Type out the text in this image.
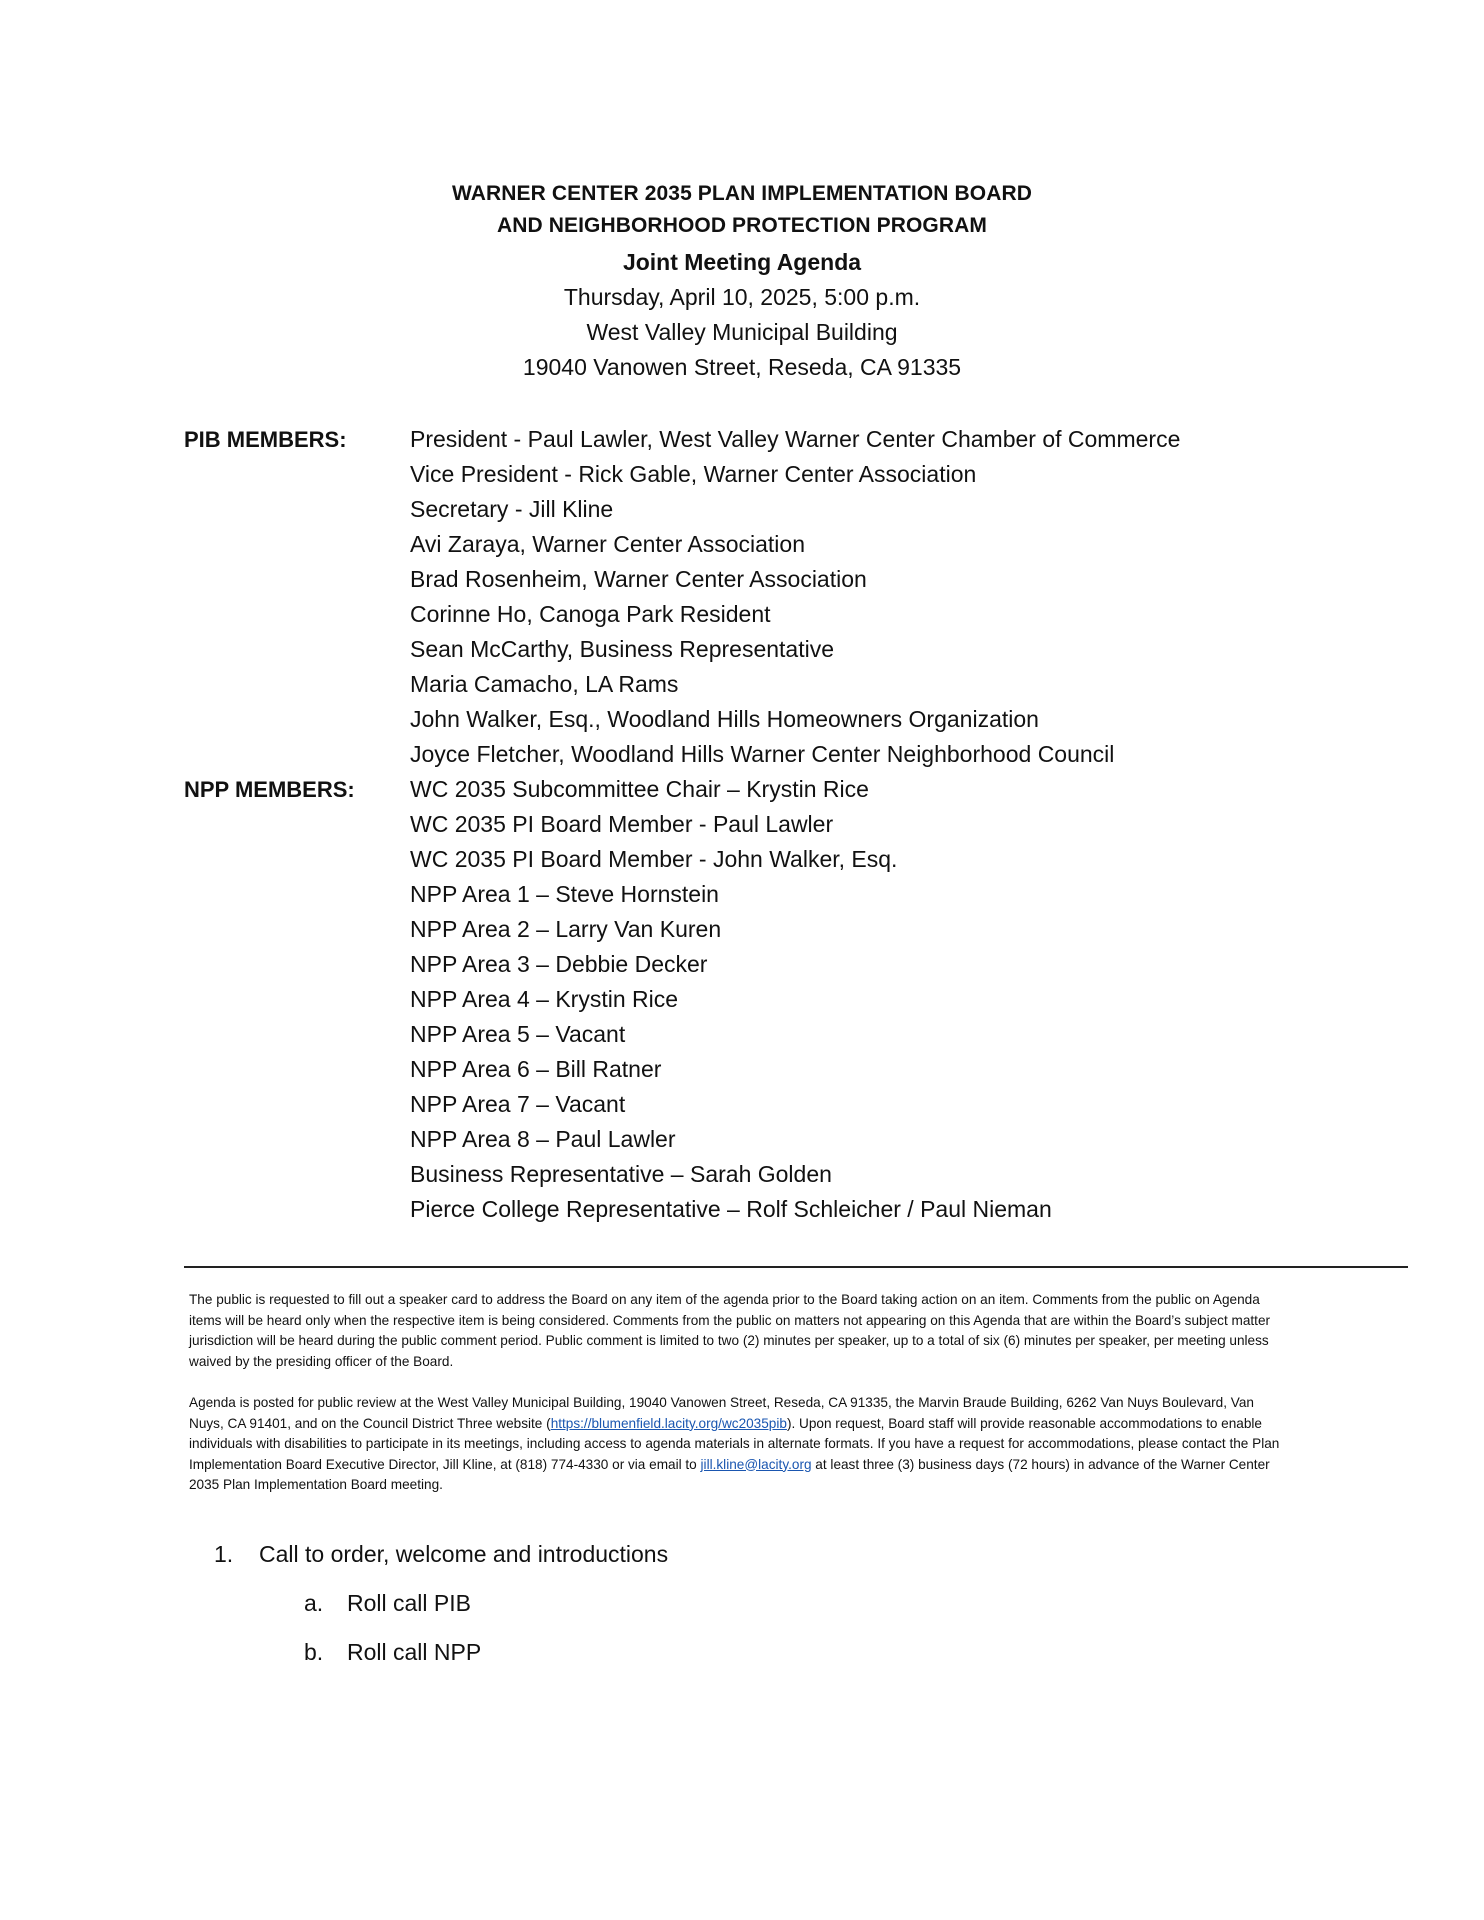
WARNER CENTER 2035 PLAN IMPLEMENTATION BOARD
AND NEIGHBORHOOD PROTECTION PROGRAM
Joint Meeting Agenda
Thursday, April 10, 2025, 5:00 p.m.
West Valley Municipal Building
19040 Vanowen Street, Reseda, CA 91335
PIB MEMBERS:	President - Paul Lawler, West Valley Warner Center Chamber of Commerce
Vice President - Rick Gable, Warner Center Association
Secretary - Jill Kline
Avi Zaraya, Warner Center Association
Brad Rosenheim, Warner Center Association
Corinne Ho, Canoga Park Resident
Sean McCarthy, Business Representative
Maria Camacho, LA Rams
John Walker, Esq., Woodland Hills Homeowners Organization
Joyce Fletcher, Woodland Hills Warner Center Neighborhood Council
NPP MEMBERS: WC 2035 Subcommittee Chair – Krystin Rice
WC 2035 PI Board Member - Paul Lawler
WC 2035 PI Board Member - John Walker, Esq.
NPP Area 1 – Steve Hornstein
NPP Area 2 – Larry Van Kuren
NPP Area 3 – Debbie Decker
NPP Area 4 – Krystin Rice
NPP Area 5 – Vacant
NPP Area 6 – Bill Ratner
NPP Area 7 – Vacant
NPP Area 8 – Paul Lawler
Business Representative – Sarah Golden
Pierce College Representative – Rolf Schleicher / Paul Nieman

The public is requested to fill out a speaker card to address the Board on any item of the agenda prior to the Board taking action on an item. Comments from the public on Agenda items will be heard only when the respective item is being considered. Comments from the public on matters not appearing on this Agenda that are within the Board’s subject matter jurisdiction will be heard during the public comment period. Public comment is limited to two (2) minutes per speaker, up to a total of six (6) minutes per speaker, per meeting unless waived by the presiding officer of the Board.

Agenda is posted for public review at the West Valley Municipal Building, 19040 Vanowen Street, Reseda, CA 91335, the Marvin Braude Building, 6262 Van Nuys Boulevard, Van Nuys, CA 91401, and on the Council District Three website (https://blumenfield.lacity.org/wc2035pib). Upon request, Board staff will provide reasonable accommodations to enable individuals with disabilities to participate in its meetings, including access to agenda materials in alternate formats. If you have a request for accommodations, please contact the Plan Implementation Board Executive Director, Jill Kline, at (818) 774-4330 or via email to jill.kline@lacity.org at least three (3) business days (72 hours) in advance of the Warner Center 2035 Plan Implementation Board meeting.

1. Call to order, welcome and introductions
a. Roll call PIB
b. Roll call NPP
